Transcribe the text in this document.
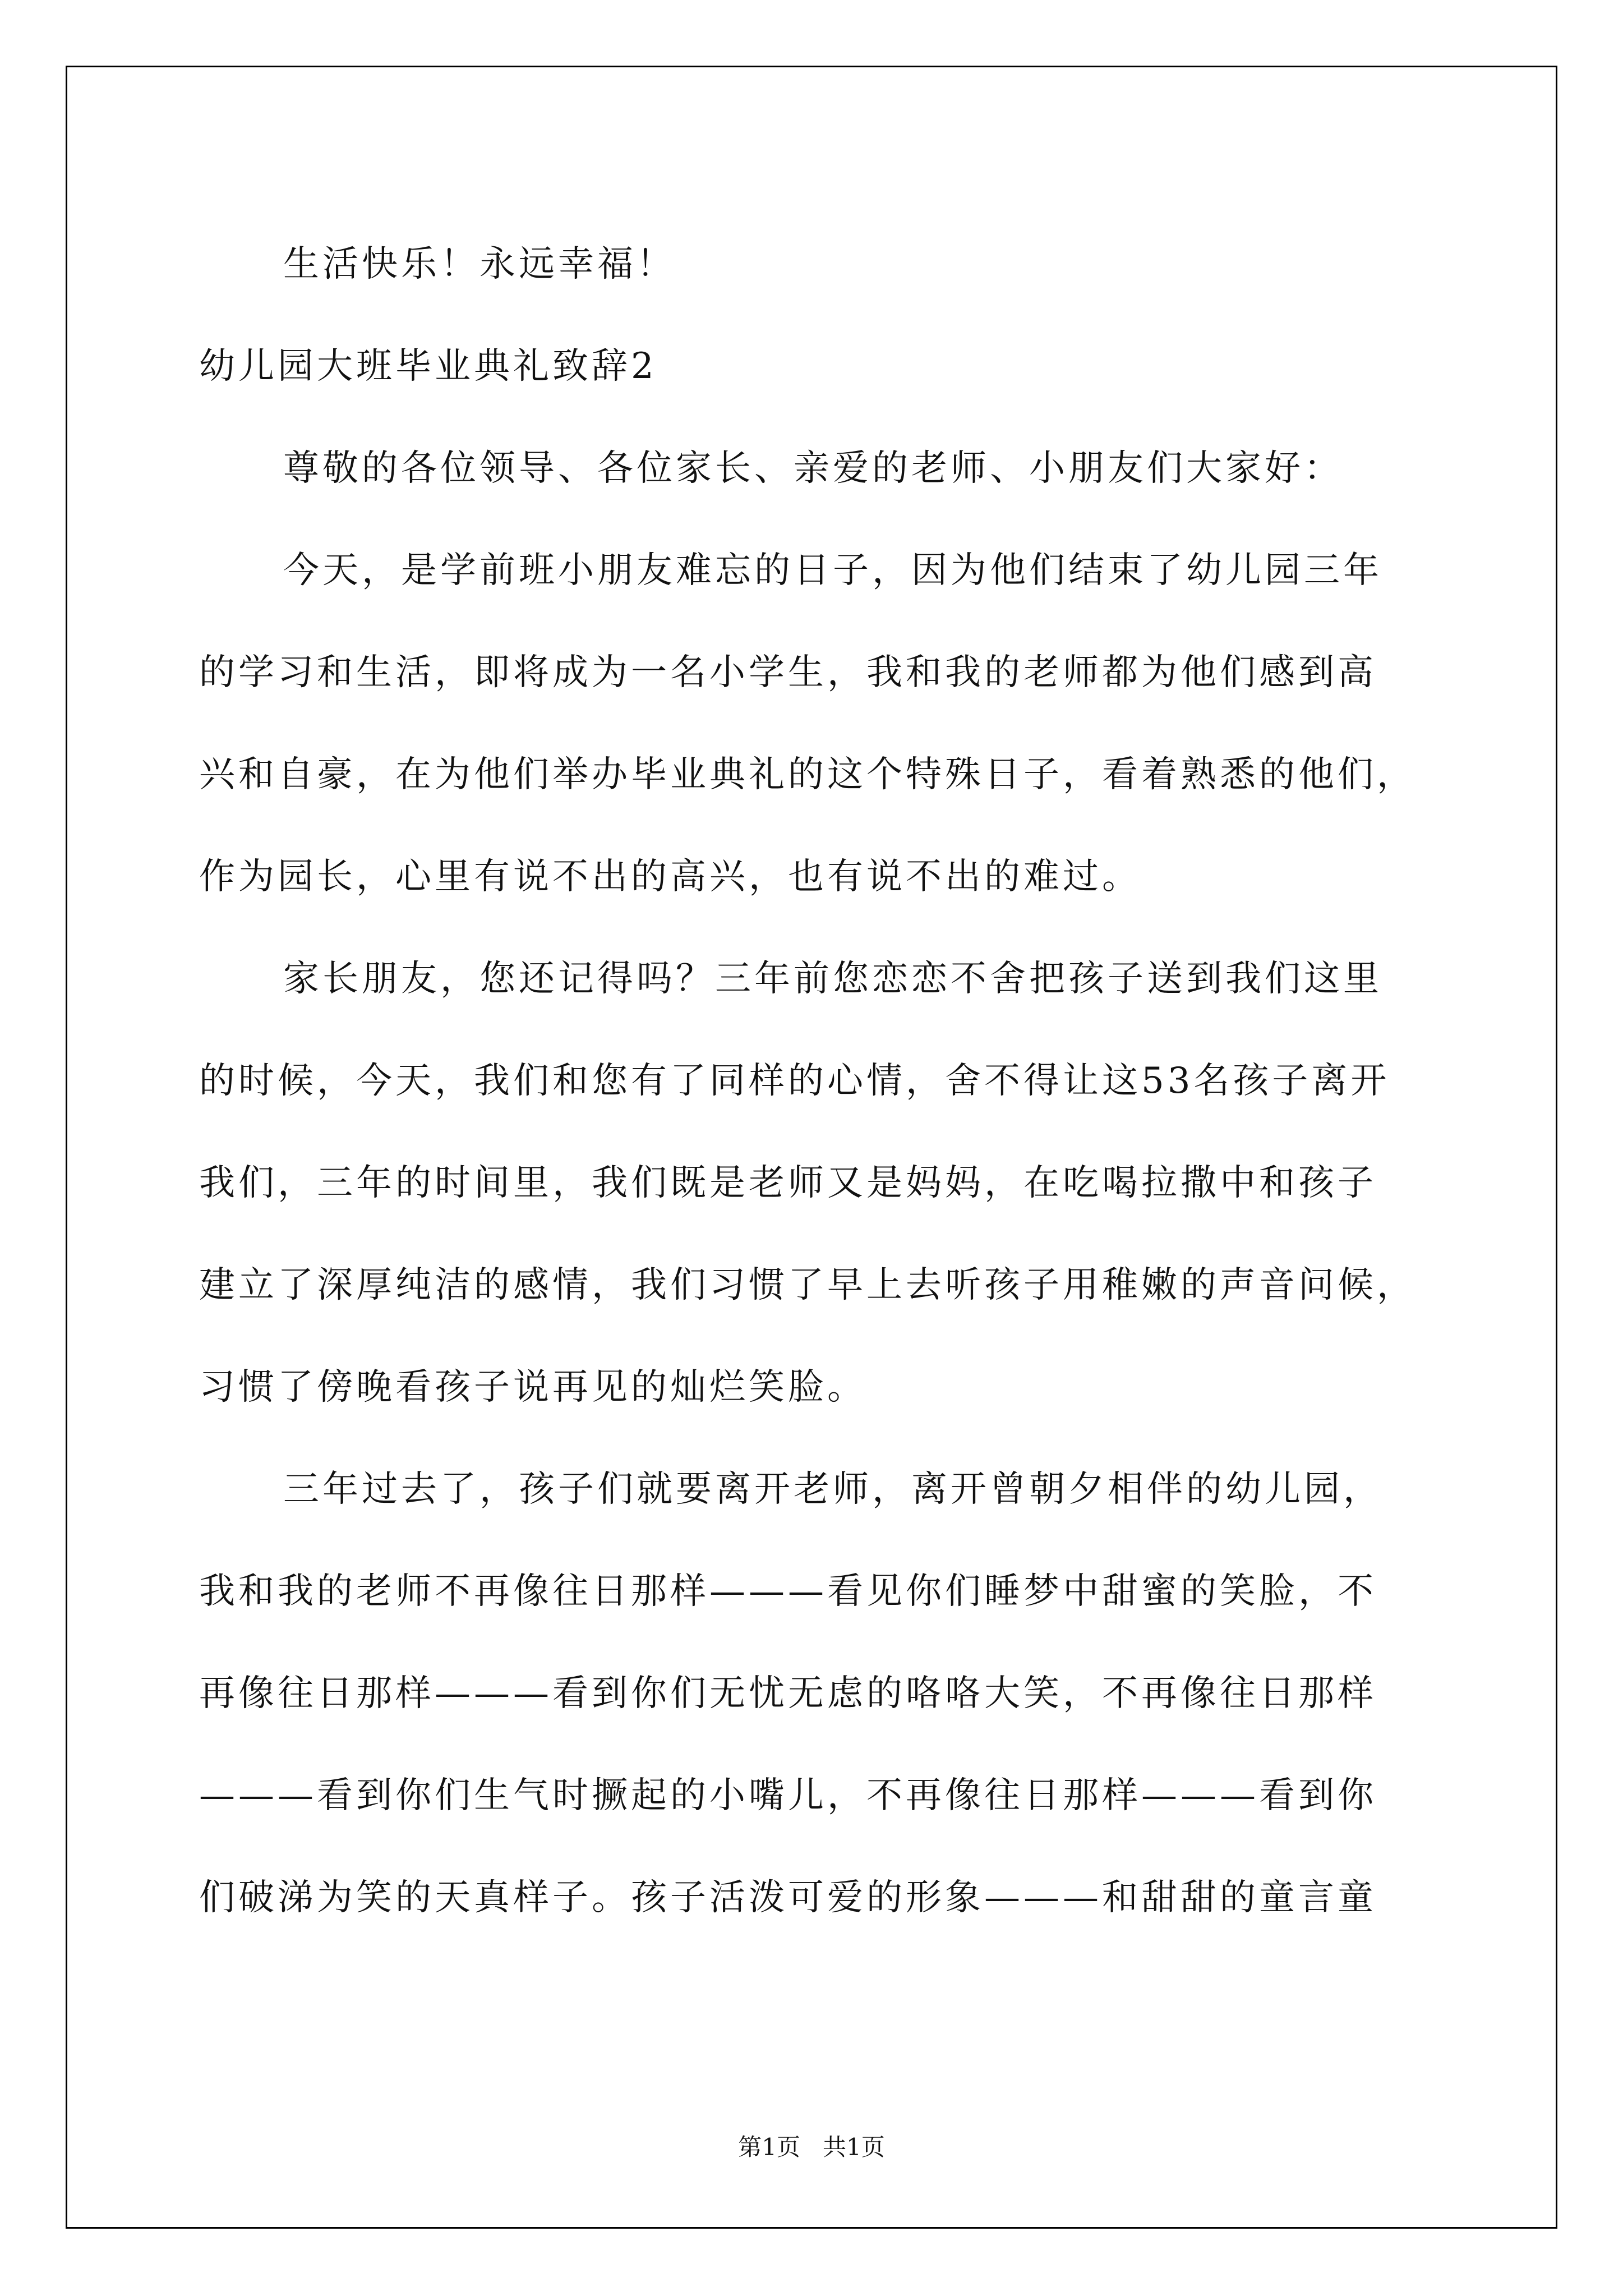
生活快乐！永远幸福！

幼儿园大班毕业典礼致辞2

尊敬的各位领导、各位家长、亲爱的老师、小朋友们大家好：

今天，是学前班小朋友难忘的日子，因为他们结束了幼儿园三年

的学习和生活，即将成为一名小学生，我和我的老师都为他们感到高

兴和自豪，在为他们举办毕业典礼的这个特殊日子，看着熟悉的他们，

作为园长，心里有说不出的高兴，也有说不出的难过。

家长朋友，您还记得吗？三年前您恋恋不舍把孩子送到我们这里

的时候，今天，我们和您有了同样的心情，舍不得让这53名孩子离开

我们，三年的时间里，我们既是老师又是妈妈，在吃喝拉撒中和孩子

建立了深厚纯洁的感情，我们习惯了早上去听孩子用稚嫩的声音问候，

习惯了傍晚看孩子说再见的灿烂笑脸。

三年过去了，孩子们就要离开老师，离开曾朝夕相伴的幼儿园，

我和我的老师不再像往日那样———看见你们睡梦中甜蜜的笑脸，不

再像往日那样———看到你们无忧无虑的咯咯大笑，不再像往日那样

———看到你们生气时撅起的小嘴儿，不再像往日那样———看到你

们破涕为笑的天真样子。孩子活泼可爱的形象———和甜甜的童言童

第1页 共1页
